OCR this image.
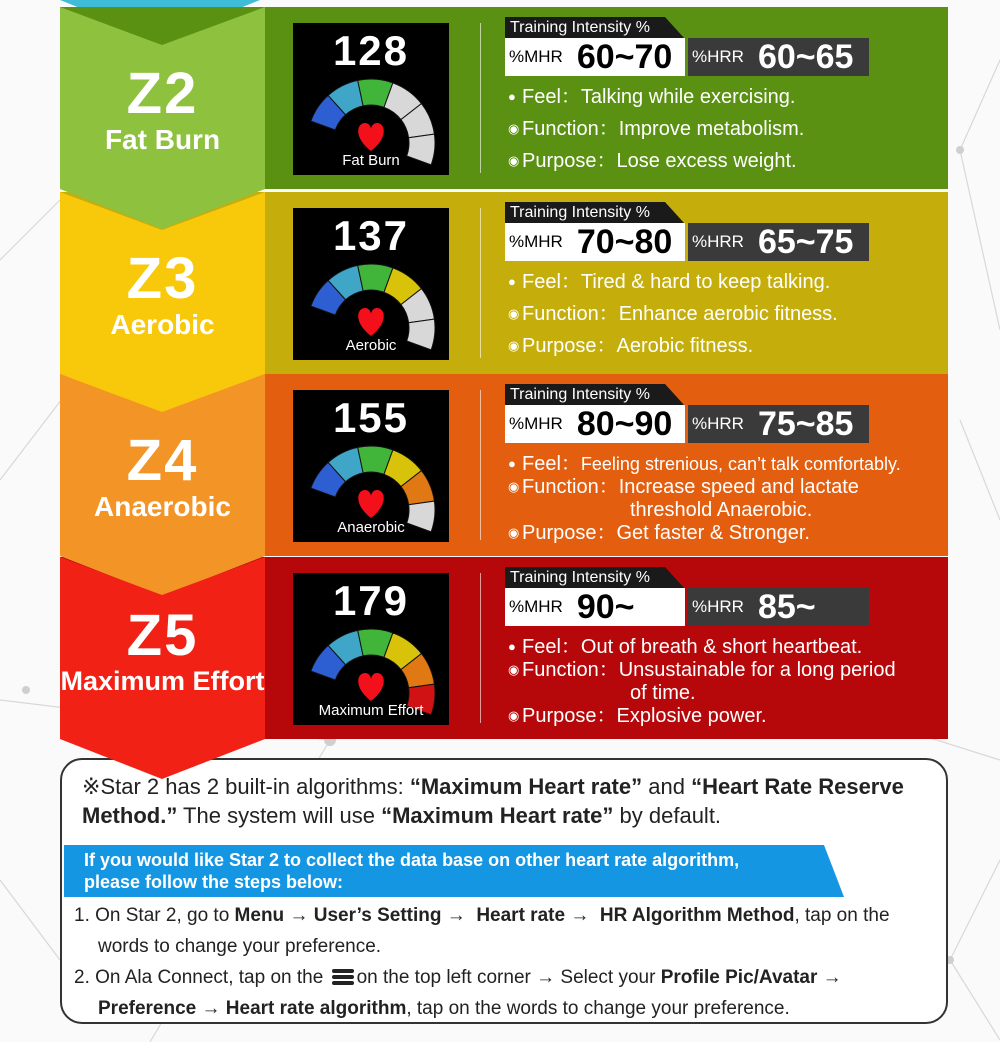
Z2
Fat Burn
128
Fat Burn
Training Intensity %
%MHR 60~70 %HRR 60~65
● Feel：Talking while exercising.
◉ Function：Improve metabolism.
◉ Purpose：Lose excess weight.
Z3
Aerobic
137
Aerobic
Training Intensity %
%MHR 70~80 %HRR 65~75
● Feel：Tired & hard to keep talking.
◉ Function：Enhance aerobic fitness.
◉ Purpose：Aerobic fitness.
Z4
Anaerobic
155
Anaerobic
Training Intensity %
%MHR 80~90 %HRR 75~85
● Feel：Feeling strenious, can’t talk comfortably.
◉ Function：Increase speed and lactate
threshold Anaerobic.
◉ Purpose：Get faster & Stronger.
Z5
Maximum Effort
179
Maximum Effort
Training Intensity %
%MHR 90~	%HRR 85~
● Feel：Out of breath & short heartbeat.
◉ Function：Unsustainable for a long period
of time.
◉ Purpose：Explosive power.
※Star 2 has 2 built-in algorithms: “Maximum Heart rate” and “Heart Rate Reserve Method.” The system will use “Maximum Heart rate” by default.
If you would like Star 2 to collect the data base on other heart rate algorithm,
please follow the steps below:
1. On Star 2, go to Menu → User’s Setting → Heart rate → HR Algorithm Method, tap on the
words to change your preference.
2. On Ala Connect, tap on the on the top left corner → Select your Profile Pic/Avatar →
Preference → Heart rate algorithm, tap on the words to change your preference.
